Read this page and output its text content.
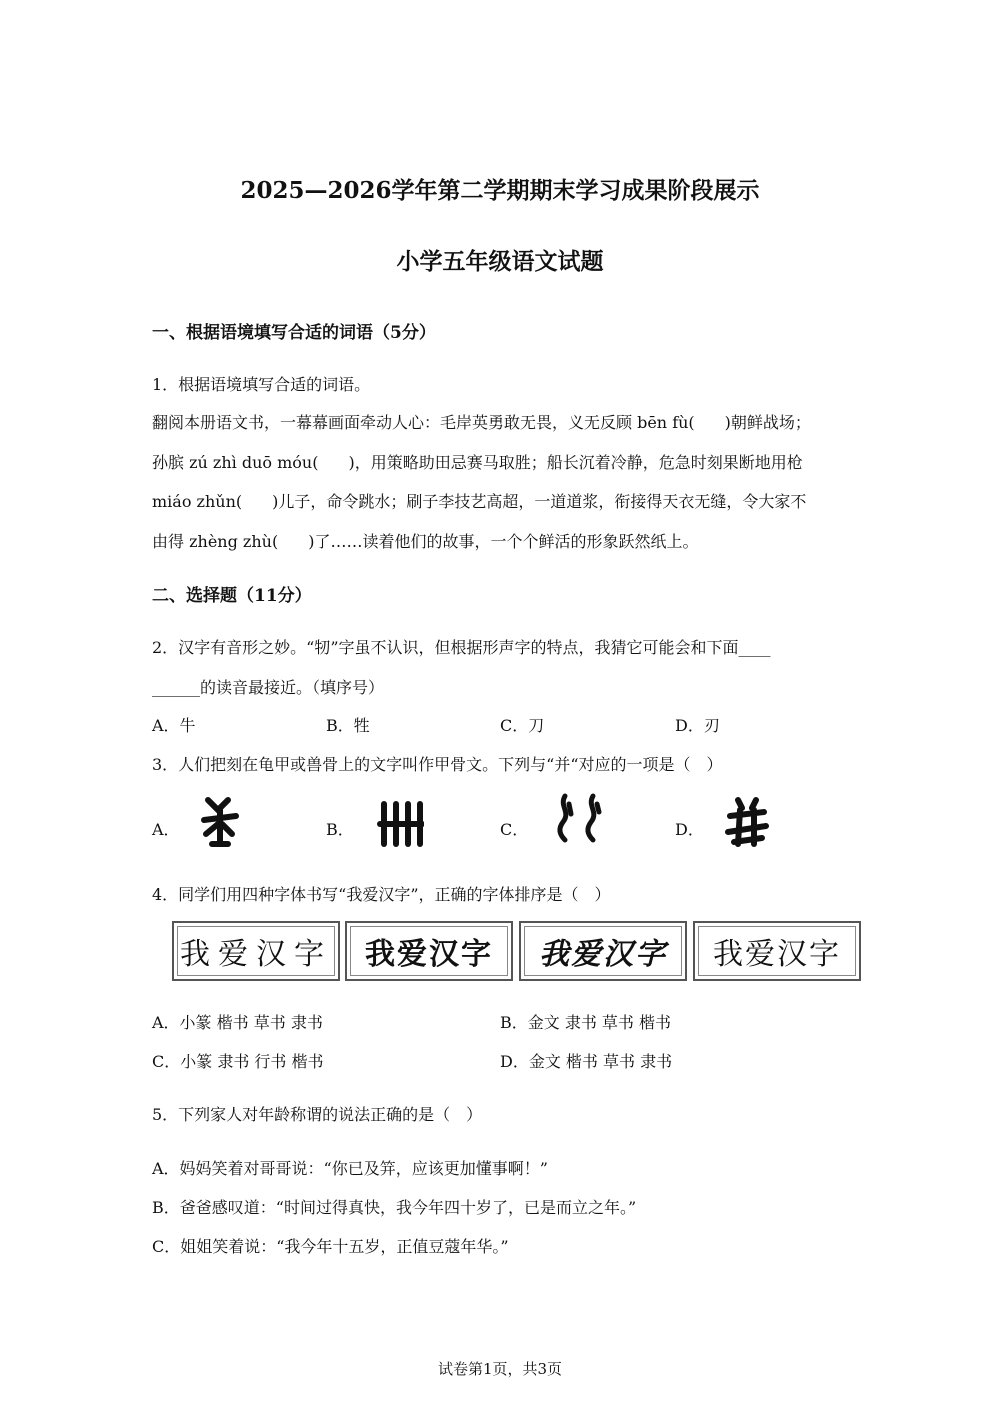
2025—2026学年第二学期期末学习成果阶段展示
小学五年级语文试题
一、根据语境填写合适的词语（5分）
1．根据语境填写合适的词语。
翻阅本册语文书，一幕幕画面牵动人心：毛岸英勇敢无畏，义无反顾 bēn fù( )朝鲜战场；
孙膑 zú zhì duō móu( )，用策略助田忌赛马取胜；船长沉着冷静，危急时刻果断地用枪
miáo zhǔn( )儿子，命令跳水；刷子李技艺高超，一道道浆，衔接得天衣无缝，令大家不
由得 zhèng zhù( )了……读着他们的故事，一个个鲜活的形象跃然纸上。
二、选择题（11分）
2．汉字有音形之妙。“牣”字虽不认识，但根据形声字的特点，我猜它可能会和下面____
______的读音最接近。（填序号）
A．牛	B．牲	C．刀	D．刃
3．人们把刻在龟甲或兽骨上的文字叫作甲骨文。下列与“并“对应的一项是（　）
A．	B．	C．	D．
4．同学们用四种字体书写“我爱汉字”，正确的字体排序是（　）
我爱汉字 我爱汉字 我爱汉字 我爱汉字
A．小篆 楷书 草书 隶书	B．金文 隶书 草书 楷书
C．小篆 隶书 行书 楷书	D．金文 楷书 草书 隶书
5．下列家人对年龄称谓的说法正确的是（　）
A．妈妈笑着对哥哥说：“你已及笄，应该更加懂事啊！”
B．爸爸感叹道：“时间过得真快，我今年四十岁了，已是而立之年。”
C．姐姐笑着说：“我今年十五岁，正值豆蔻年华。”
试卷第1页，共3页
